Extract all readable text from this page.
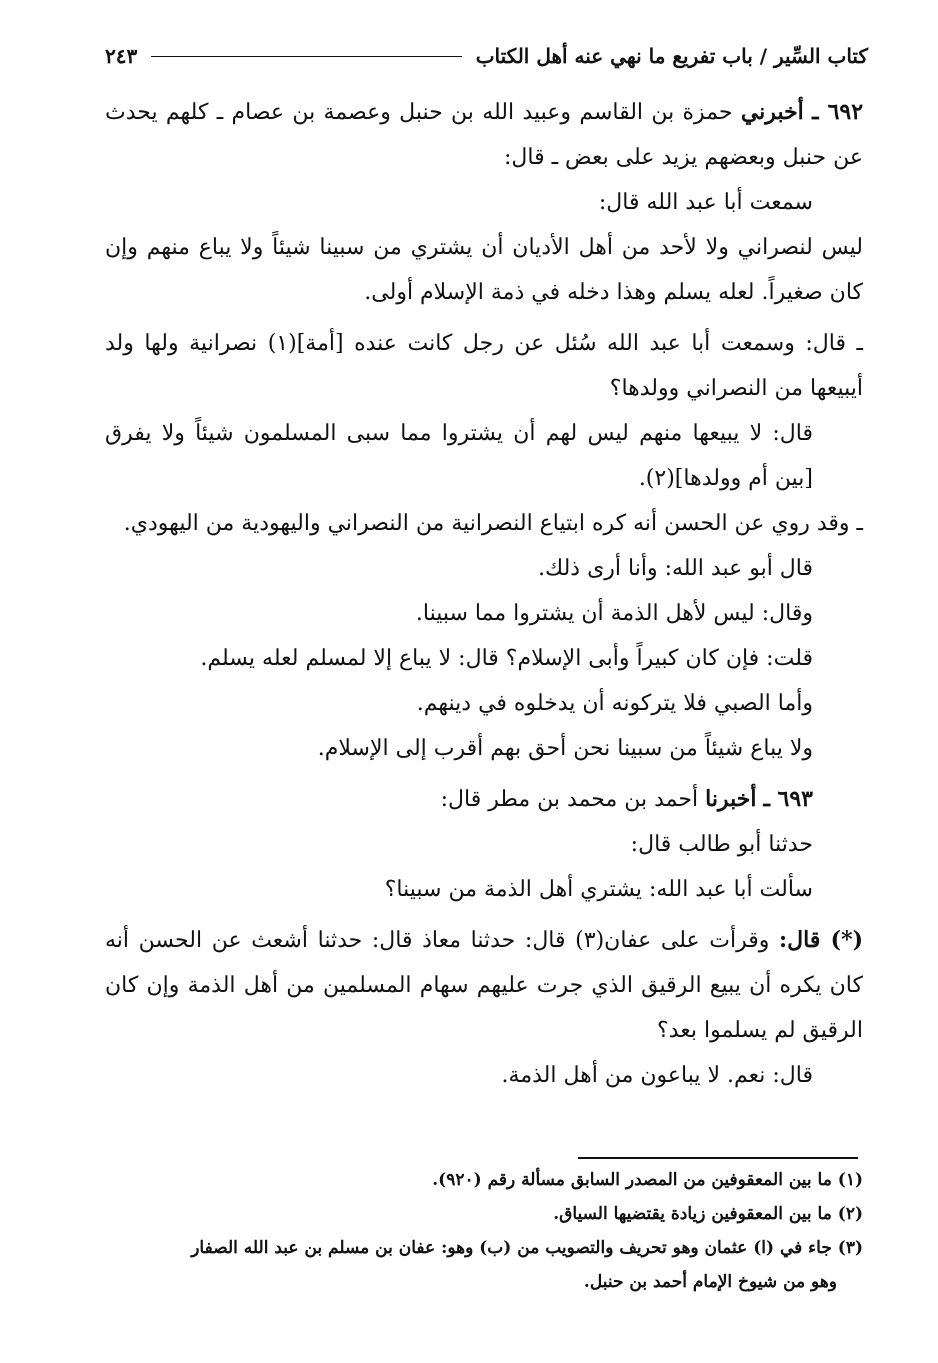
كتاب السِّير / باب تفريع ما نهي عنه أهل الكتاب
٢٤٣

٦٩٢ ـ أخبرني حمزة بن القاسم وعبيد الله بن حنبل وعصمة بن عصام ـ كلهم يحدث عن حنبل وبعضهم يزيد على بعض ـ قال:

سمعت أبا عبد الله قال:

ليس لنصراني ولا لأحد من أهل الأديان أن يشتري من سبينا شيئاً ولا يباع منهم وإن كان صغيراً. لعله يسلم وهذا دخله في ذمة الإسلام أولى.

ـ قال: وسمعت أبا عبد الله سُئل عن رجل كانت عنده [أمة](١) نصرانية ولها ولد أيبيعها من النصراني وولدها؟

قال: لا يبيعها منهم ليس لهم أن يشتروا مما سبى المسلمون شيئاً ولا يفرق [بين أم وولدها](٢).

ـ وقد روي عن الحسن أنه كره ابتياع النصرانية من النصراني واليهودية من اليهودي.

قال أبو عبد الله: وأنا أرى ذلك.

وقال: ليس لأهل الذمة أن يشتروا مما سبينا.

قلت: فإن كان كبيراً وأبى الإسلام؟ قال: لا يباع إلا لمسلم لعله يسلم.

وأما الصبي فلا يتركونه أن يدخلوه في دينهم.

ولا يباع شيئاً من سبينا نحن أحق بهم أقرب إلى الإسلام.

٦٩٣ ـ أخبرنا أحمد بن محمد بن مطر قال:

حدثنا أبو طالب قال:

سألت أبا عبد الله: يشتري أهل الذمة من سبينا؟

(*) قال: وقرأت على عفان(٣) قال: حدثنا معاذ قال: حدثنا أشعث عن الحسن أنه كان يكره أن يبيع الرقيق الذي جرت عليهم سهام المسلمين من أهل الذمة وإن كان الرقيق لم يسلموا بعد؟

قال: نعم. لا يباعون من أهل الذمة.

(١) ما بين المعقوفين من المصدر السابق مسألة رقم (٩٢٠).

(٢) ما بين المعقوفين زيادة يقتضيها السياق.

(٣) جاء في (ا) عثمان وهو تحريف والتصويب من (ب) وهو: عفان بن مسلم بن عبد الله الصفار

وهو من شيوخ الإمام أحمد بن حنبل.
